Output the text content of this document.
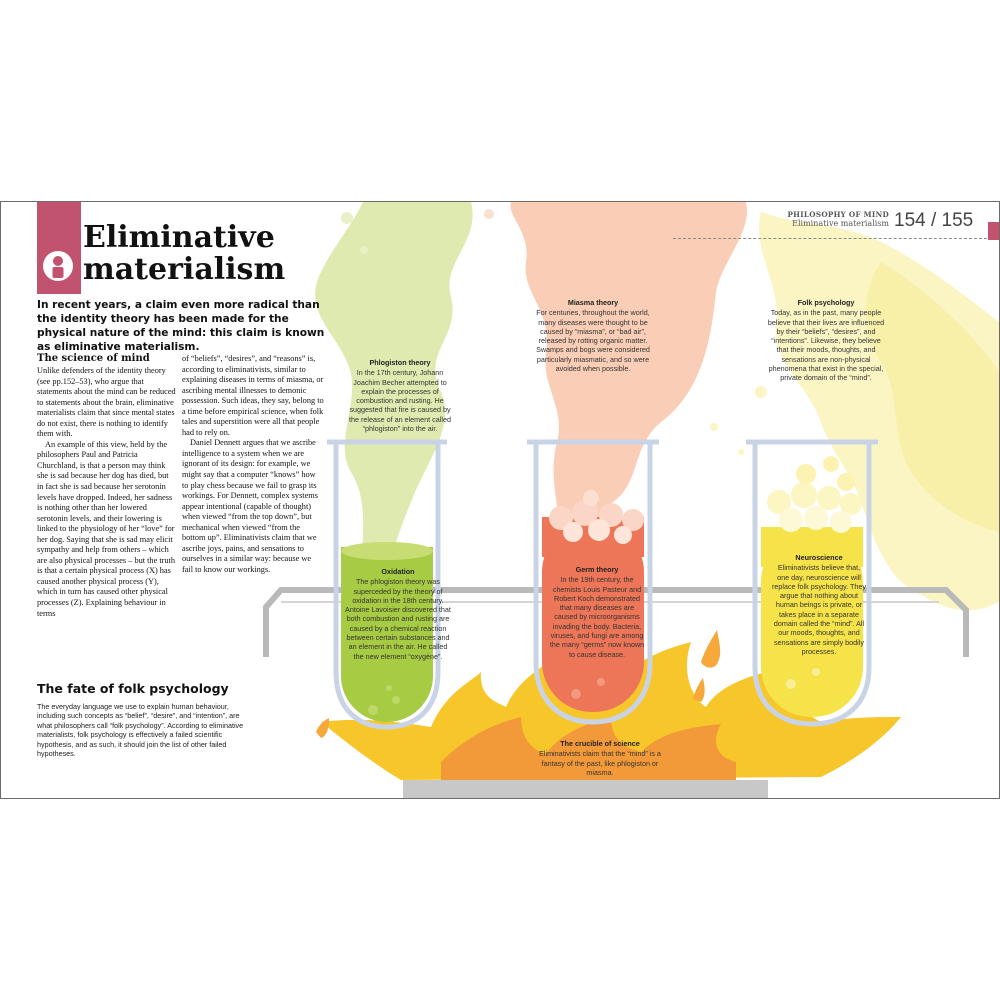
Eliminative
materialism

In recent years, a claim even more radical than the identity theory has been made for the physical nature of the mind: this claim is known as eliminative materialism.

The science of mind

Unlike defenders of the identity theory (see pp.152–53), who argue that statements about the mind can be reduced to statements about the brain, eliminative materialists claim that since mental states do not exist, there is nothing to identify them with.

An example of this view, held by the philosophers Paul and Patricia Churchland, is that a person may think she is sad because her dog has died, but in fact she is sad because her serotonin levels have dropped. Indeed, her sadness is nothing other than her lowered serotonin levels, and their lowering is linked to the physiology of her “love” for her dog. Saying that she is sad may elicit sympathy and help from others – which are also physical processes – but the truth is that a certain physical process (X) has caused another physical process (Y), which in turn has caused other physical processes (Z). Explaining behaviour in terms

of “beliefs”, “desires”, and “reasons” is, according to eliminativists, similar to explaining diseases in terms of miasma, or ascribing mental illnesses to demonic possession. Such ideas, they say, belong to a time before empirical science, when folk tales and superstition were all that people had to rely on.

Daniel Dennett argues that we ascribe intelligence to a system when we are ignorant of its design: for example, we might say that a computer “knows” how to play chess because we fail to grasp its workings. For Dennett, complex systems appear intentional (capable of thought) when viewed “from the top down”, but mechanical when viewed “from the bottom up”. Eliminativists claim that we ascribe joys, pains, and sensations to ourselves in a similar way: because we fail to know our workings.

The fate of folk psychology

The everyday language we use to explain human behaviour, including such concepts as “belief”, “desire”, and “intention”, are what philosophers call “folk psychology”. According to eliminative materialists, folk psychology is effectively a failed scientific hypothesis, and as such, it should join the list of other failed hypotheses.

PHILOSOPHY OF MIND
Eliminative materialism 154 / 155

Phlogiston theory

In the 17th century, Johann Joachim Becher attempted to explain the processes of combustion and rusting. He suggested that fire is caused by the release of an element called “phlogiston” into the air.

Miasma theory

For centuries, throughout the world, many diseases were thought to be caused by “miasma”, or “bad air”, released by rotting organic matter. Swamps and bogs were considered particularly miasmatic, and so were avoided when possible.

Folk psychology

Today, as in the past, many people believe that their lives are influenced by their “beliefs”, “desires”, and “intentions”. Likewise, they believe that their moods, thoughts, and sensations are non-physical phenomena that exist in the special, private domain of the “mind”.

Oxidation

The phlogiston theory was superceded by the theory of oxidation in the 18th century. Antoine Lavoisier discovered that both combustion and rusting are caused by a chemical reaction between certain substances and an element in the air. He called the new element “oxygène”.

Germ theory

In the 19th century, the chemists Louis Pasteur and Robert Koch demonstrated that many diseases are caused by microorganisms invading the body. Bacteria, viruses, and fungi are among the many “germs” now known to cause disease.

Neuroscience

Eliminativists believe that, one day, neuroscience will replace folk psychology. They argue that nothing about human beings is private, or takes place in a separate domain called the “mind”. All our moods, thoughts, and sensations are simply bodily processes.

The crucible of science

Eliminativists claim that the “mind” is a fantasy of the past, like phlogiston or miasma.
